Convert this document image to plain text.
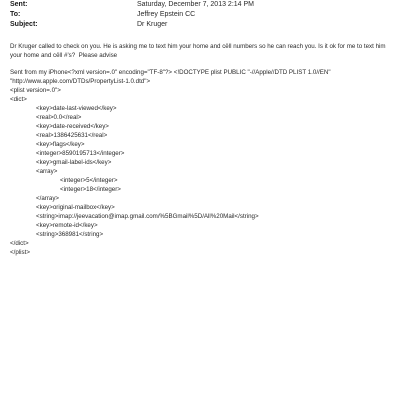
Sent:	Saturday, December 7, 2013 2:14 PM
To:	Jeffrey Epstein CC
Subject:	Dr Kruger
Dr Kruger called to check on you. He is asking me to text him your home and cëll numbers so he can reach you. Is it ok for me to text him your home and cëll #'s?  Please advise
Sent from my iPhone<?xml version=.0" encoding="TF-8"?> <!DOCTYPE plist PUBLIC "-//Apple//DTD PLIST 1.0//EN" "http://www.apple.com/DTDs/PropertyList-1.0.dtd">
<plist version=.0">
<dict>
<key>date-last-viewed</key>
<real>0.0</real>
<key>date-received</key>
<real>1386425631</real>
<key>flags</key>
<integer>8590195713</integer>
<key>gmail-label-ids</key>
<array>
<integer>5</integer>
<integer>18</integer>
</array>
<key>original-mailbox</key>
<string>imap://jeevacation@imap.gmail.com/%5BGmail%5D/All%20Mail</string>
<key>remote-id</key>
<string>368981</string>
</dict>
</plist>
